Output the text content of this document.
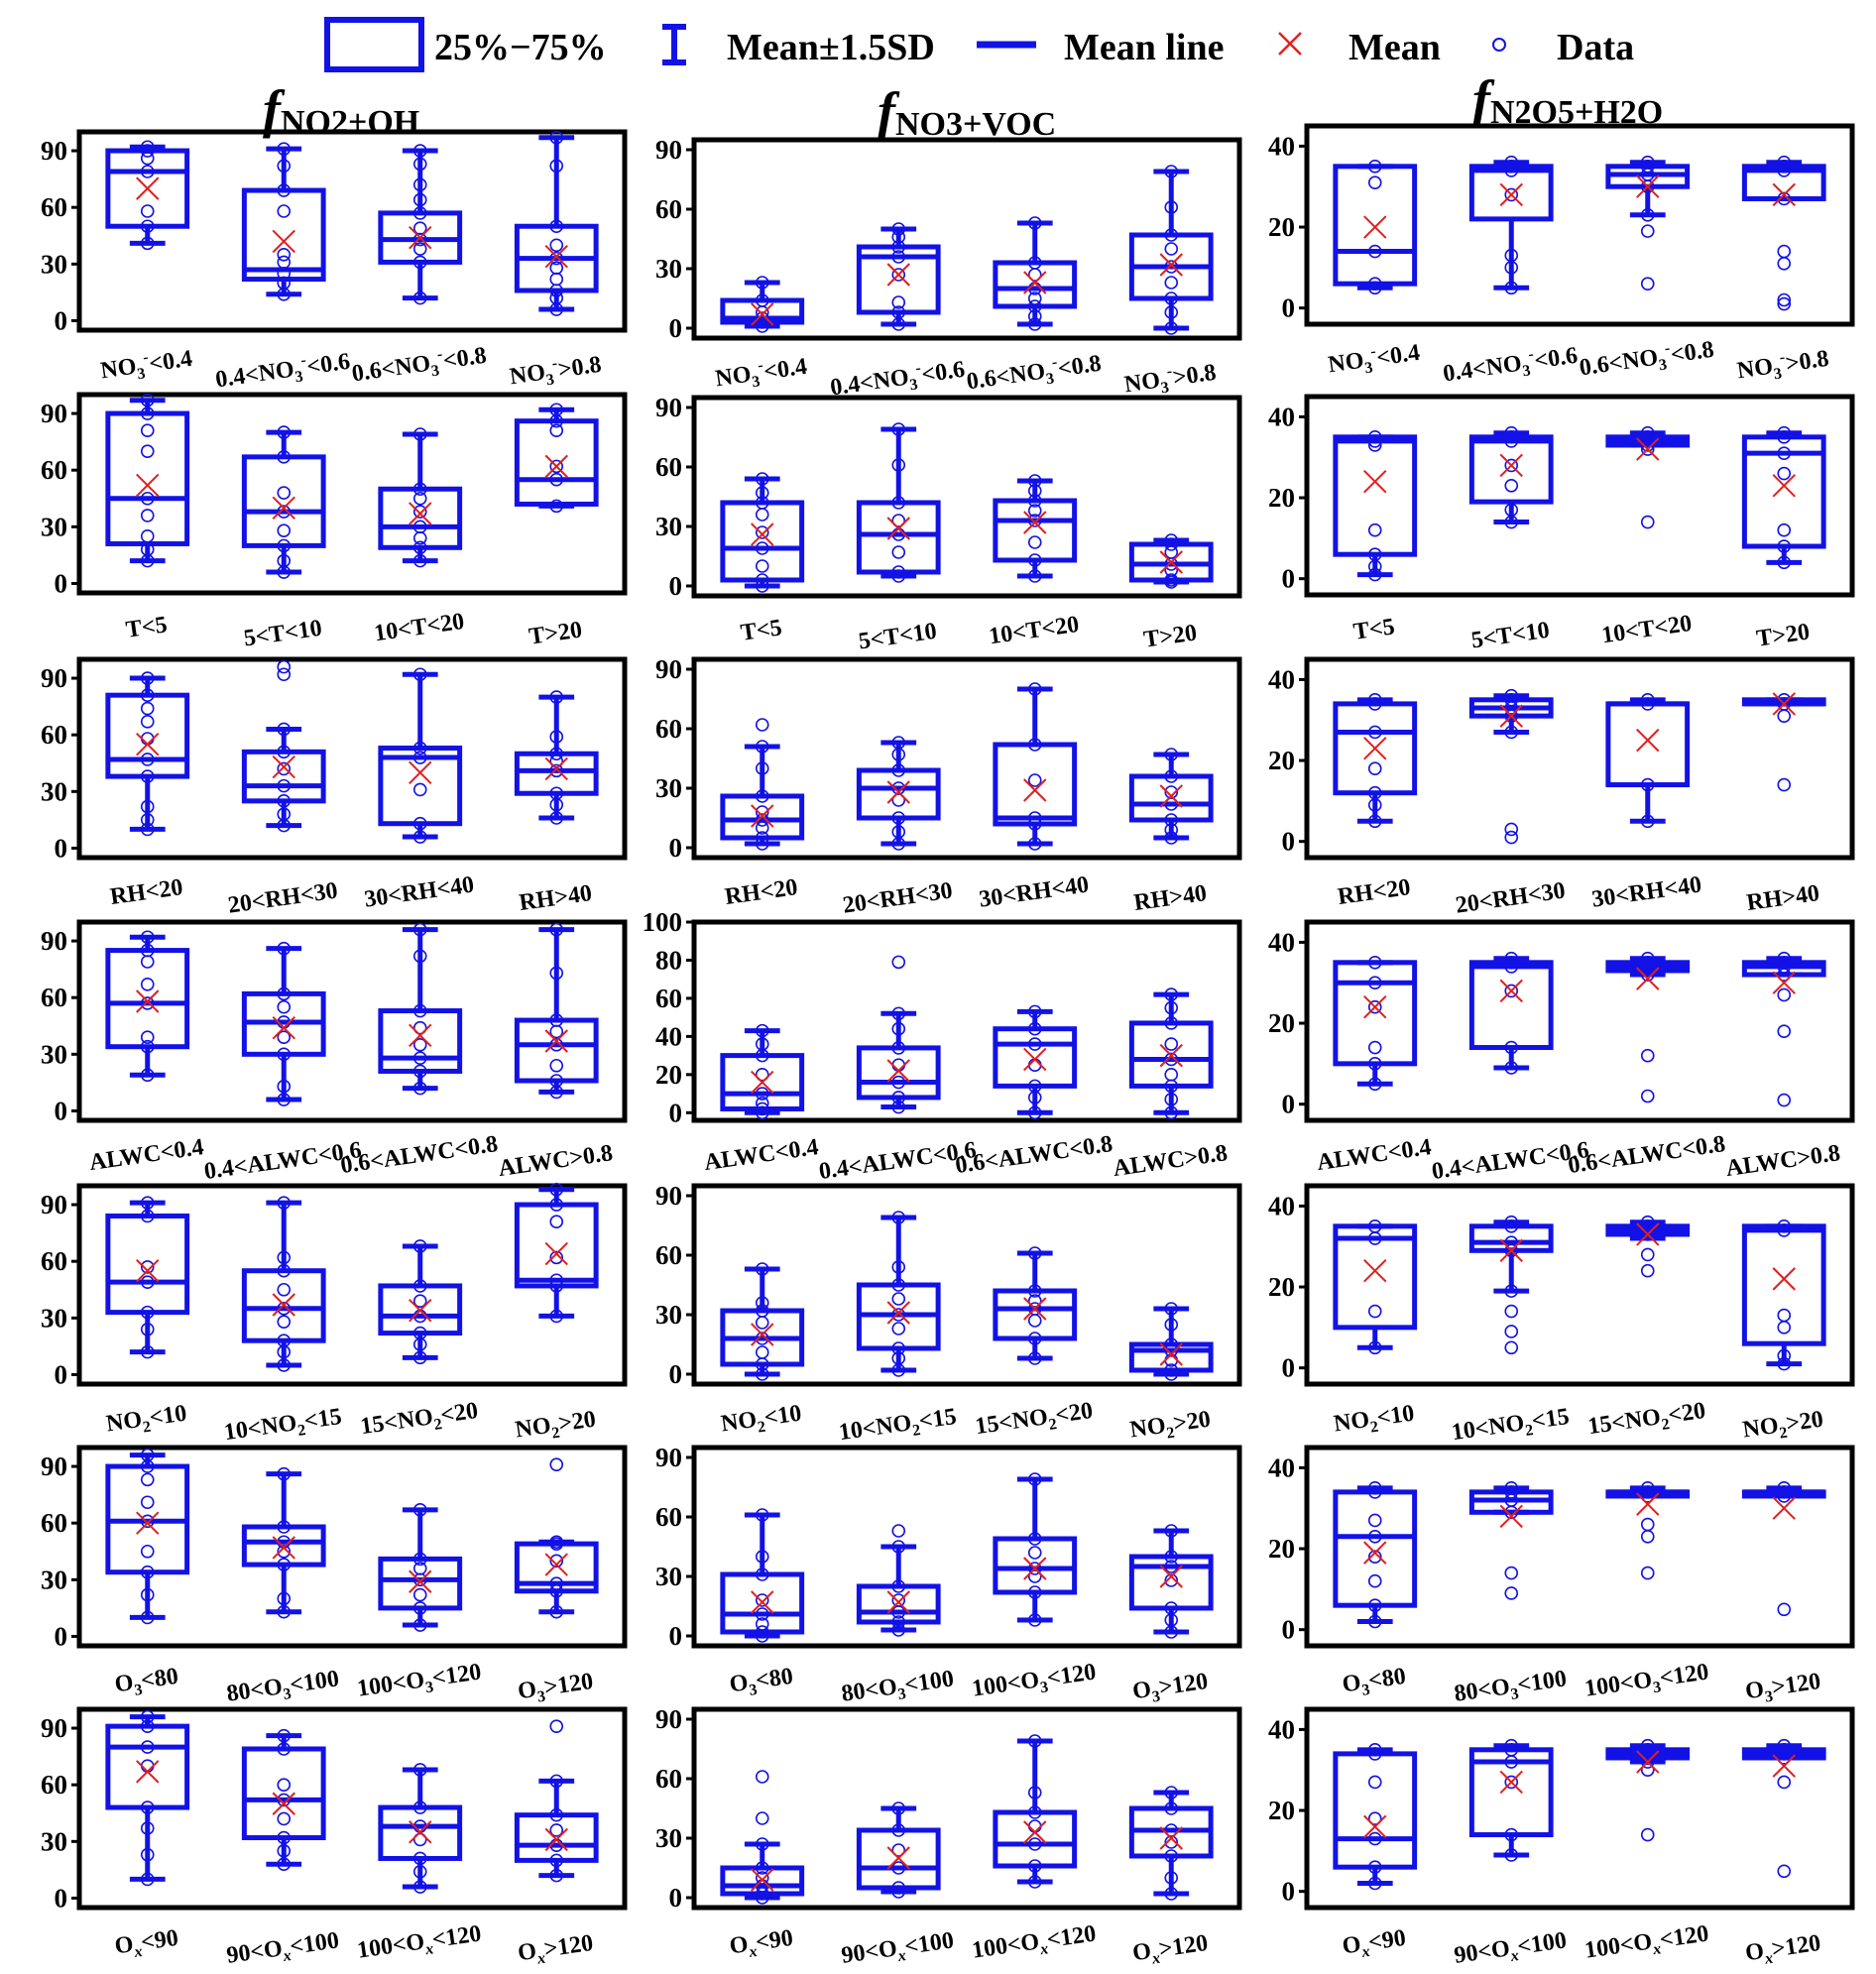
25%−75%	Mean±1.5SD	Mean line	Mean	Data
fNO2+OH	fNO3+VOC	fN2O5+H2O
0
30
60
90
$NO_3^-<0.4$ $0.4<NO_3^-<0.6$
$0.6<NO_3^-<0.8$
$NO_3^->0.8$
0
30
60
90
$NO_3^-<0.4$ $0.4<NO_3^-<0.6$
$0.6<NO_3^-<0.8$
$NO_3^->0.8$
0
20
40
$NO_3^-<0.4$ $0.4<NO_3^-<0.6$
$0.6<NO_3^-<0.8$
$NO_3^->0.8$
0
30
60
90
T<5	5<T<10 10<T<20	T>20
0
30
60
90
T<5	5<T<10 10<T<20	T>20
0
20
40
T<5	5<T<10 10<T<20	T>20
0
30
60
90
RH<20 20<RH<30 30<RH<40 RH>40
0
30
60
90
RH<20 20<RH<30 30<RH<40 RH>40
0
20
40
RH<20 20<RH<30 30<RH<40 RH>40
0
30
60
90
ALWC<0.4
0.4<ALWC<0.6
0.6<ALWC<0.8
ALWC>0.8
0
20
40
60
80
100
ALWC<0.4
0.4<ALWC<0.6
0.6<ALWC<0.8
ALWC>0.8
0
20
40
ALWC<0.4
0.4<ALWC<0.6
0.6<ALWC<0.8
ALWC>0.8
0
30
60
90
$NO_2<10$ $10<NO_2<15$ $15<NO_2<20$ $NO_2>20$
0
30
60
90
$NO_2<10$ $10<NO_2<15$ $15<NO_2<20$ $NO_2>20$
0
20
40
$NO_2<10$ $10<NO_2<15$ $15<NO_2<20$ $NO_2>20$
0
30
60
90
$O_3<80$ $80<O_3<100$ $100<O_3<120$ $O_3>120$
0
30
60
90
$O_3<80$ $80<O_3<100$ $100<O_3<120$ $O_3>120$
0
20
40
$O_3<80$ $80<O_3<100$ $100<O_3<120$ $O_3>120$
0
30
60
90
$O_x<90$ $90<O_x<100$ $100<O_x<120$ $O_x>120$
0
30
60
90
$O_x<90$ $90<O_x<100$ $100<O_x<120$ $O_x>120$
0
20
40
$O_x<90$ $90<O_x<100$ $100<O_x<120$ $O_x>120$
